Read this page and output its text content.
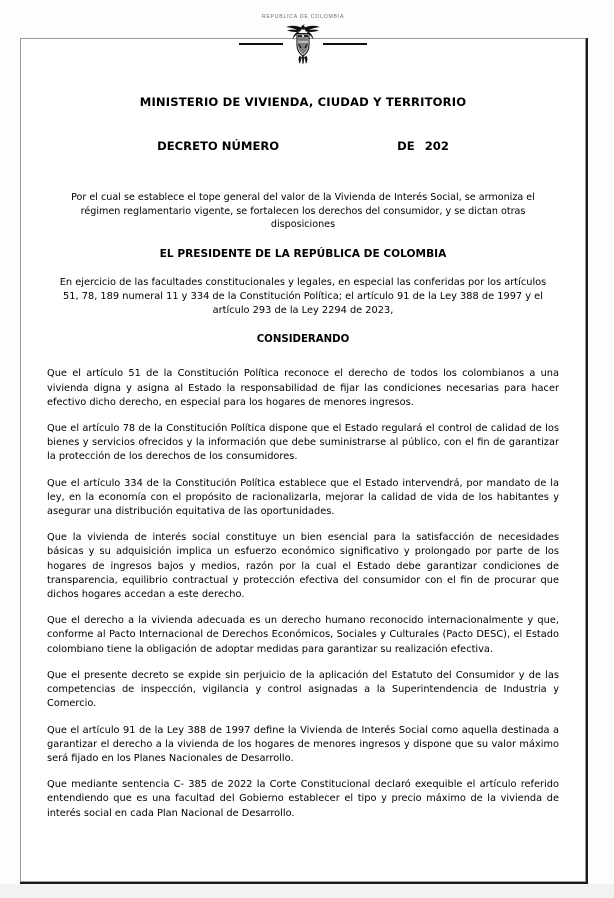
REPUBLICA DE COLOMBIA
MINISTERIO DE VIVIENDA, CIUDAD Y TERRITORIO
DECRETO NÚMERO	DE 202

Por el cual se establece el tope general del valor de la Vivienda de Interés Social, se armoniza el régimen reglamentario vigente, se fortalecen los derechos del consumidor, y se dictan otras disposiciones

EL PRESIDENTE DE LA REPÚBLICA DE COLOMBIA

En ejercicio de las facultades constitucionales y legales, en especial las conferidas por los artículos 51, 78, 189 numeral 11 y 334 de la Constitución Política; el artículo 91 de la Ley 388 de 1997 y el artículo 293 de la Ley 2294 de 2023,

CONSIDERANDO

Que el artículo 51 de la Constitución Política reconoce el derecho de todos los colombianos a una vivienda digna y asigna al Estado la responsabilidad de fijar las condiciones necesarias para hacer efectivo dicho derecho, en especial para los hogares de menores ingresos.

Que el artículo 78 de la Constitución Política dispone que el Estado regulará el control de calidad de los bienes y servicios ofrecidos y la información que debe suministrarse al público, con el fin de garantizar la protección de los derechos de los consumidores.

Que el artículo 334 de la Constitución Política establece que el Estado intervendrá, por mandato de la ley, en la economía con el propósito de racionalizarla, mejorar la calidad de vida de los habitantes y asegurar una distribución equitativa de las oportunidades.

Que la vivienda de interés social constituye un bien esencial para la satisfacción de necesidades básicas y su adquisición implica un esfuerzo económico significativo y prolongado por parte de los hogares de ingresos bajos y medios, razón por la cual el Estado debe garantizar condiciones de transparencia, equilibrio contractual y protección efectiva del consumidor con el fin de procurar que dichos hogares accedan a este derecho.

Que el derecho a la vivienda adecuada es un derecho humano reconocido internacionalmente y que, conforme al Pacto Internacional de Derechos Económicos, Sociales y Culturales (Pacto DESC), el Estado colombiano tiene la obligación de adoptar medidas para garantizar su realización efectiva.

Que el presente decreto se expide sin perjuicio de la aplicación del Estatuto del Consumidor y de las competencias de inspección, vigilancia y control asignadas a la Superintendencia de Industria y Comercio.

Que el artículo 91 de la Ley 388 de 1997 define la Vivienda de Interés Social como aquella destinada a garantizar el derecho a la vivienda de los hogares de menores ingresos y dispone que su valor máximo será fijado en los Planes Nacionales de Desarrollo.

Que mediante sentencia C- 385 de 2022 la Corte Constitucional declaró exequible el artículo referido entendiendo que es una facultad del Gobierno establecer el tipo y precio máximo de la vivienda de interés social en cada Plan Nacional de Desarrollo.
